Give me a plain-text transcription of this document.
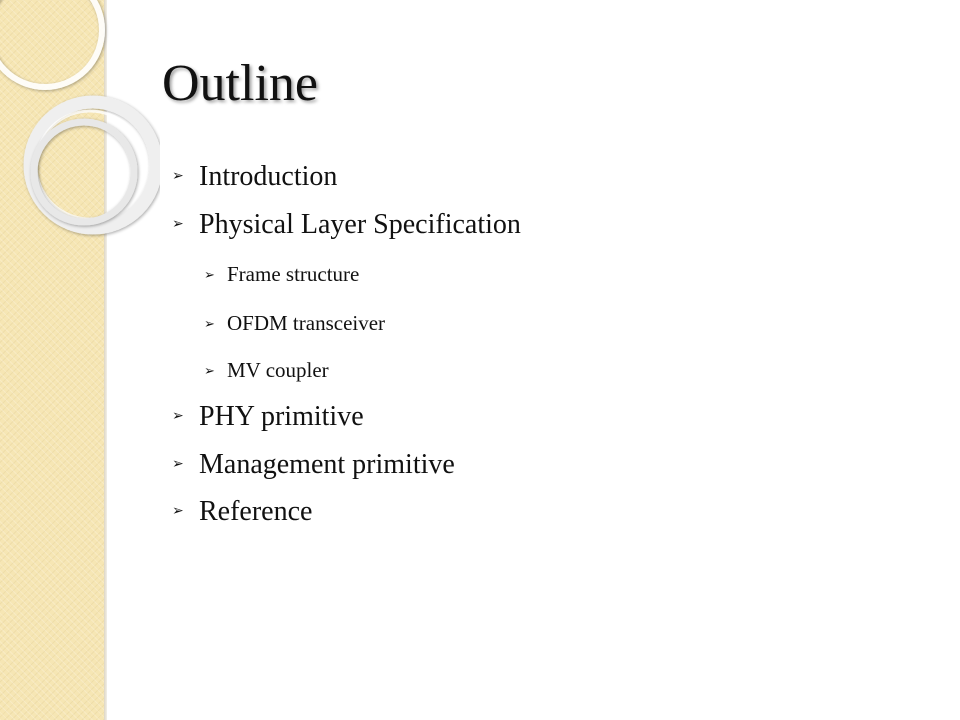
Outline
➢ Introduction
➢ Physical Layer Specification
➢ Frame structure
➢ OFDM transceiver
➢ MV coupler
➢ PHY primitive
➢ Management primitive
➢ Reference
